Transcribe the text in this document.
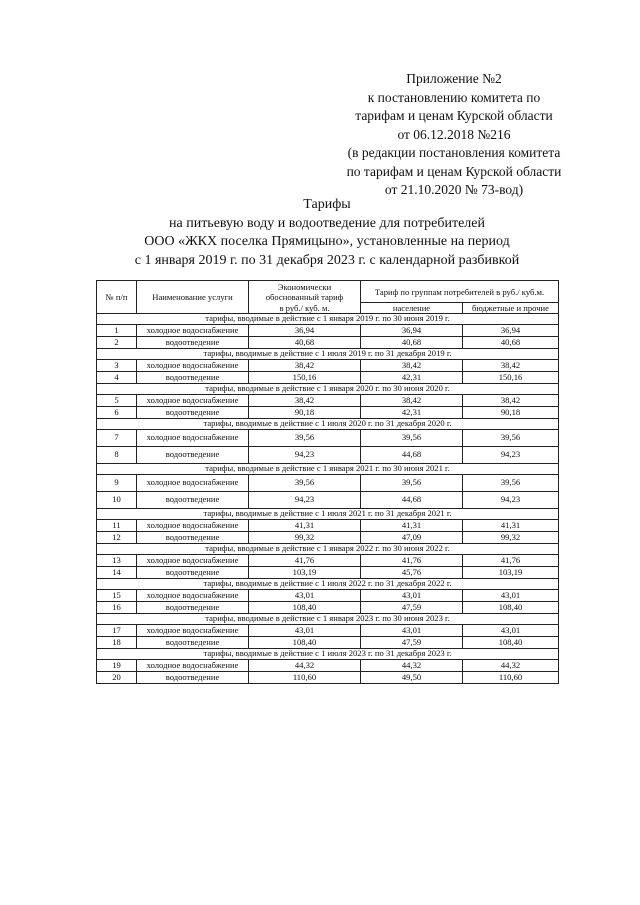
Приложение №2
к постановлению комитета по
тарифам и ценам Курской области
от 06.12.2018 №216
(в редакции постановления комитета
по тарифам и ценам Курской области
от 21.10.2020 № 73-вод)
Тарифы
на питьевую воду и водоотведение для потребителей
ООО «ЖКХ поселка Прямицыно», установленные на период
с 1 января 2019 г. по 31 декабря 2023 г. с календарной разбивкой
№ п/п	Наименование услуги	Экономически обоснованный тариф	Тариф по группам потребителей в руб./ куб.м.	
		в руб./ куб. м.	население	бюджетные и прочие
тарифы, вводимые в действие с 1 января 2019 г. по 30 июня 2019 г.				
1	холодное водоснабжение	36,94	36,94	36,94
2	водоотведение	40,68	40,68	40,68
тарифы, вводимые в действие с 1 июля 2019 г. по 31 декабря 2019 г.				
3	холодное водоснабжение	38,42	38,42	38,42
4	водоотведение	150,16	42,31	150,16
тарифы, вводимые в действие с 1 января 2020 г. по 30 июня 2020 г.				
5	холодное водоснабжение	38,42	38,42	38,42
6	водоотведение	90,18	42,31	90,18
тарифы, вводимые в действие с 1 июля 2020 г. по 31 декабря 2020 г.				
7	холодное водоснабжение	39,56	39,56	39,56
8	водоотведение	94,23	44,68	94,23
тарифы, вводимые в действие с 1 января 2021 г. по 30 июня 2021 г.				
9	холодное водоснабжение	39,56	39,56	39,56
10	водоотведение	94,23	44,68	94,23
тарифы, вводимые в действие с 1 июля 2021 г. по 31 декабря 2021 г.				
11	холодное водоснабжение	41,31	41,31	41,31
12	водоотведение	99,32	47,09	99,32
тарифы, вводимые в действие с 1 января 2022 г. по 30 июня 2022 г.				
13	холодное водоснабжение	41,76	41,76	41,76
14	водоотведение	103,19	45,76	103,19
тарифы, вводимые в действие с 1 июля 2022 г. по 31 декабря 2022 г.				
15	холодное водоснабжение	43,01	43,01	43,01
16	водоотведение	108,40	47,59	108,40
тарифы, вводимые в действие с 1 января 2023 г. по 30 июня 2023 г.				
17	холодное водоснабжение	43,01	43,01	43,01
18	водоотведение	108,40	47,59	108,40
тарифы, вводимые в действие с 1 июля 2023 г. по 31 декабря 2023 г.				
19	холодное водоснабжение	44,32	44,32	44,32
20	водоотведение	110,60	49,50	110,60
